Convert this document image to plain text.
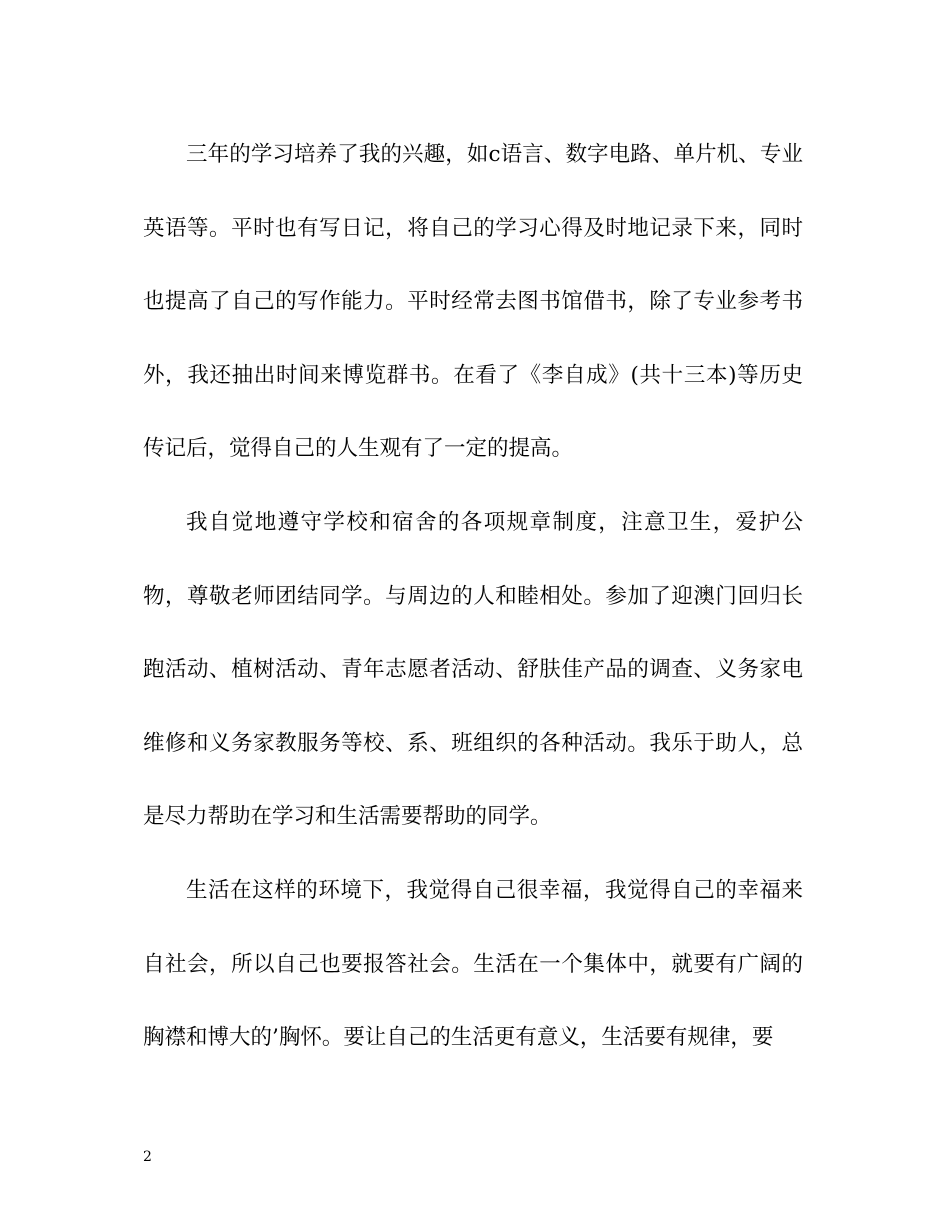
三年的学习培养了我的兴趣，如c语言、数字电路、单片机、专业英语等。平时也有写日记，将自己的学习心得及时地记录下来，同时也提高了自己的写作能力。平时经常去图书馆借书，除了专业参考书外，我还抽出时间来博览群书。在看了《李自成》(共十三本)等历史传记后，觉得自己的人生观有了一定的提高。

我自觉地遵守学校和宿舍的各项规章制度，注意卫生，爱护公物，尊敬老师团结同学。与周边的人和睦相处。参加了迎澳门回归长跑活动、植树活动、青年志愿者活动、舒肤佳产品的调查、义务家电维修和义务家教服务等校、系、班组织的各种活动。我乐于助人，总是尽力帮助在学习和生活需要帮助的同学。

生活在这样的环境下，我觉得自己很幸福，我觉得自己的幸福来自社会，所以自己也要报答社会。生活在一个集体中，就要有广阔的胸襟和博大的’胸怀。要让自己的生活更有意义，生活要有规律，要

2
